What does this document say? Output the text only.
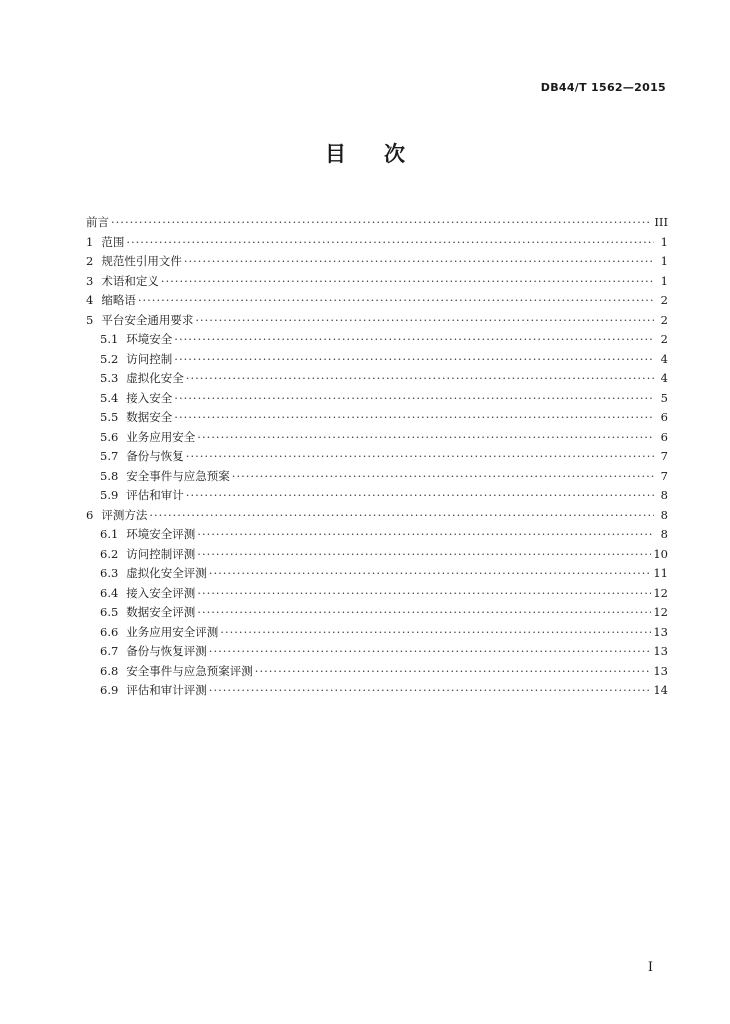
DB44/T 1562—2015
目 次
前言 ·····	III
1 范围 ·····	1
2 规范性引用文件 ·····	1
3 术语和定义 ·····	1
4 缩略语 ·····	2
5 平台安全通用要求 ·····	2
5.1 环境安全 ·····	2
5.2 访问控制 ·····	4
5.3 虚拟化安全 ·····	4
5.4 接入安全 ·····	5
5.5 数据安全 ·····	6
5.6 业务应用安全 ·····	6
5.7 备份与恢复 ·····	7
5.8 安全事件与应急预案 ·····	7
5.9 评估和审计 ·····	8
6 评测方法 ·····	8
6.1 环境安全评测 ·····	8
6.2 访问控制评测 ·····	10
6.3 虚拟化安全评测 ·····	11
6.4 接入安全评测 ·····	12
6.5 数据安全评测 ·····	12
6.6 业务应用安全评测 ·····	13
6.7 备份与恢复评测 ·····	13
6.8 安全事件与应急预案评测 ·····	13
6.9 评估和审计评测 ·····	14
I
